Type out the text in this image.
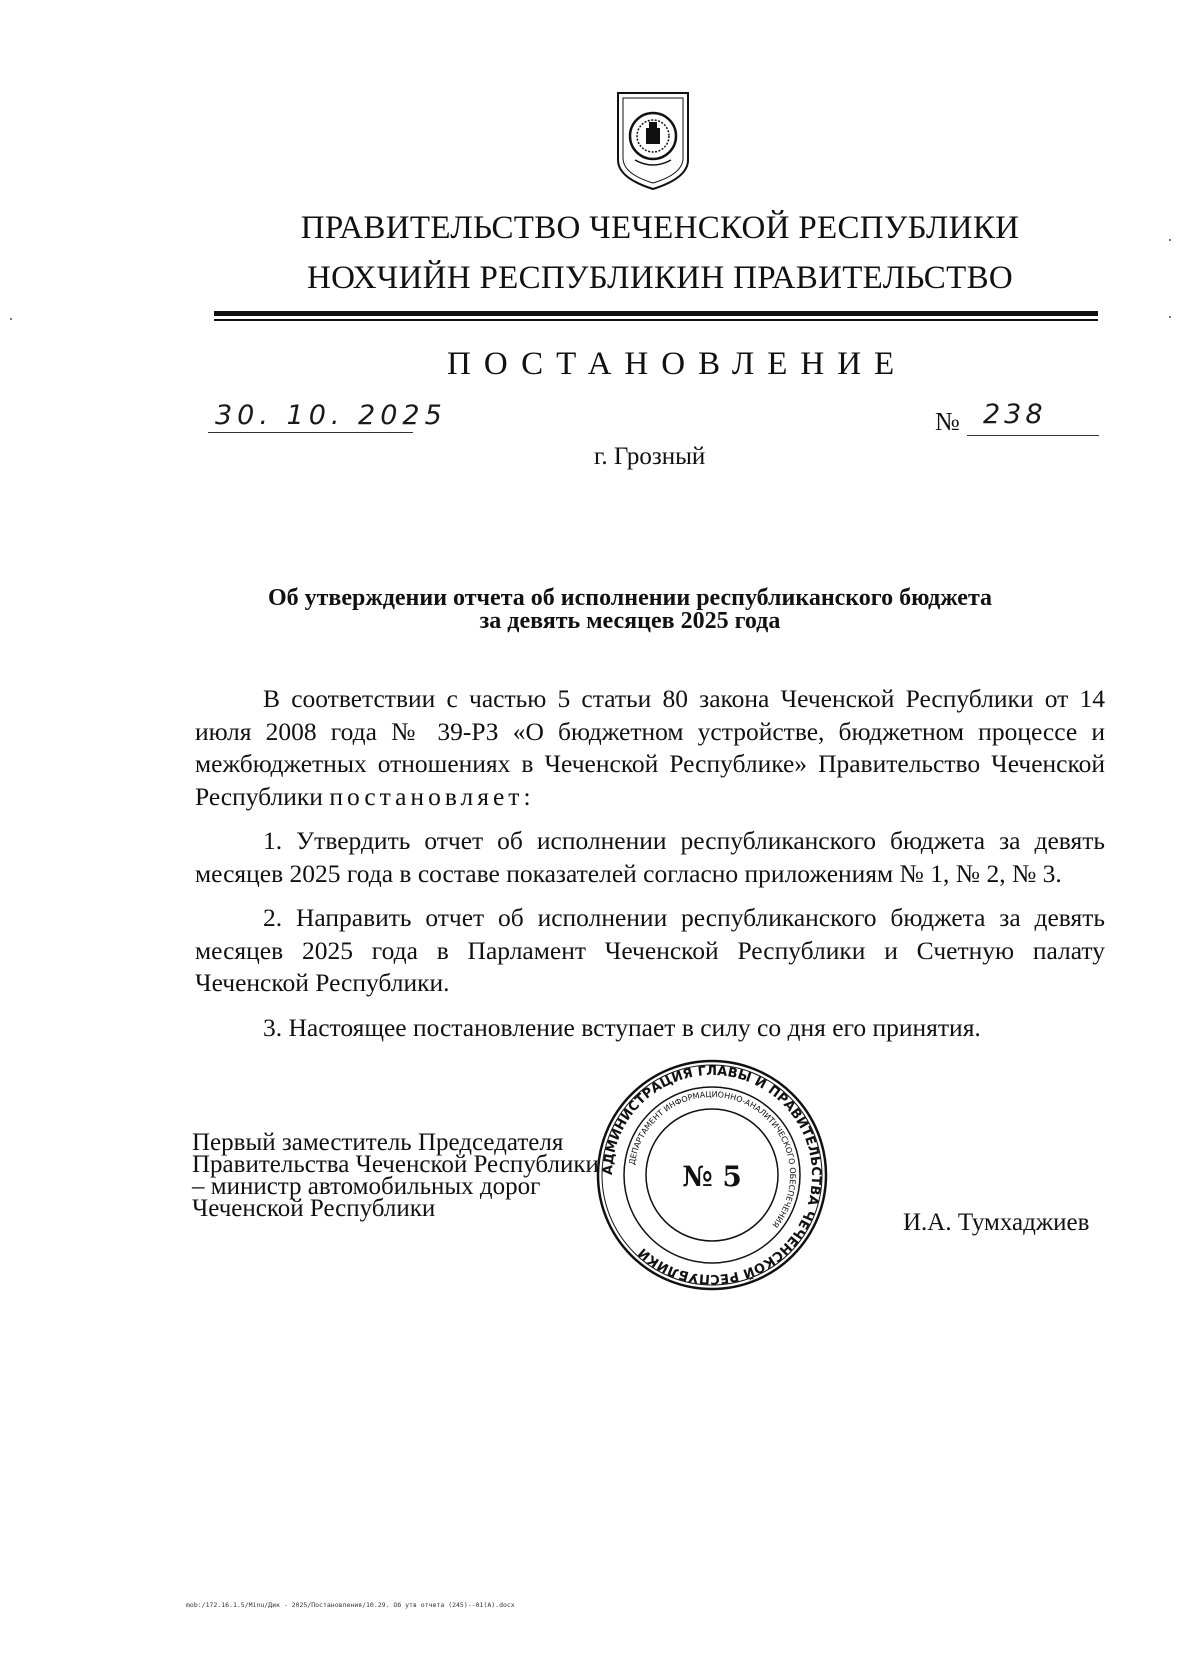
ПРАВИТЕЛЬСТВО ЧЕЧЕНСКОЙ РЕСПУБЛИКИ
НОХЧИЙН РЕСПУБЛИКИН ПРАВИТЕЛЬСТВО
ПОСТАНОВЛЕНИЕ
30. 10. 2025	№ 238
г. Грозный
Об утверждении отчета об исполнении республиканского бюджета
за девять месяцев 2025 года

В соответствии с частью 5 статьи 80 закона Чеченской Республики от 14 июля 2008 года № 39-РЗ «О бюджетном устройстве, бюджетном процессе и межбюджетных отношениях в Чеченской Республике» Правительство Чеченской Республики постановляет:

1. Утвердить отчет об исполнении республиканского бюджета за девять месяцев 2025 года в составе показателей согласно приложениям № 1, № 2, № 3.

2. Направить отчет об исполнении республиканского бюджета за девять месяцев 2025 года в Парламент Чеченской Республики и Счетную палату Чеченской Республики.

3. Настоящее постановление вступает в силу со дня его принятия.

Первый заместитель Председателя
Правительства Чеченской Республики
– министр автомобильных дорог
Чеченской Республики
И.А. Тумхаджиев
АДМИНИСТРАЦИЯ ГЛАВЫ И ПРАВИТЕЛЬСТВА ЧЕЧЕНСКОЙ РЕСПУБЛИКИ
ДЕПАРТАМЕНТ ИНФОРМАЦИОННО-АНАЛИТИЧЕСКОГО ОБЕСПЕЧЕНИЯ
№ 5
mob:/172.16.1.5/Minu/Дик - 2025/Постановления/10.29. Об утв отчета (245)--01(А).docx
